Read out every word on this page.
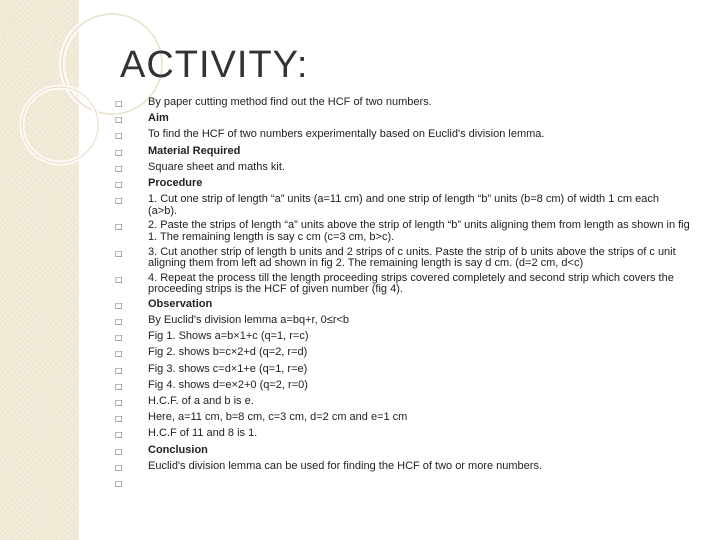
ACTIVITY:
□	By paper cutting method find out the HCF of two numbers.
□	Aim
□	To find the HCF of two numbers experimentally based on Euclid's division lemma.
□	Material Required
□	Square sheet and maths kit.
□	Procedure
□	1. Cut one strip of length “a” units (a=11 cm) and one strip of length “b” units (b=8 cm) of width 1 cm each (a>b).
□	2. Paste the strips of length “a” units above the strip of length “b” units aligning them from length as shown in fig 1. The remaining length is say c cm (c=3 cm, b>c).
□	3. Cut another strip of length b units and 2 strips of c units. Paste the strip of b units above the strips of c unit aligning them from left ad shown in fig 2. The remaining length is say d cm. (d=2 cm, d<c)
□	4. Repeat the process till the length proceeding strips covered completely and second strip which covers the proceeding strips is the HCF of given number (fig 4).
□	Observation
□	By Euclid's division lemma a=bq+r, 0≤r<b
□	Fig 1. Shows a=b×1+c (q=1, r=c)
□	Fig 2. shows b=c×2+d (q=2, r=d)
□	Fig 3. shows c=d×1+e (q=1, r=e)
□	Fig 4. shows d=e×2+0 (q=2, r=0)
□	H.C.F. of a and b is e.
□	Here, a=11 cm, b=8 cm, c=3 cm, d=2 cm and e=1 cm
□	H.C.F of 11 and 8 is 1.
□	Conclusion
□	Euclid's division lemma can be used for finding the HCF of two or more numbers.
□
